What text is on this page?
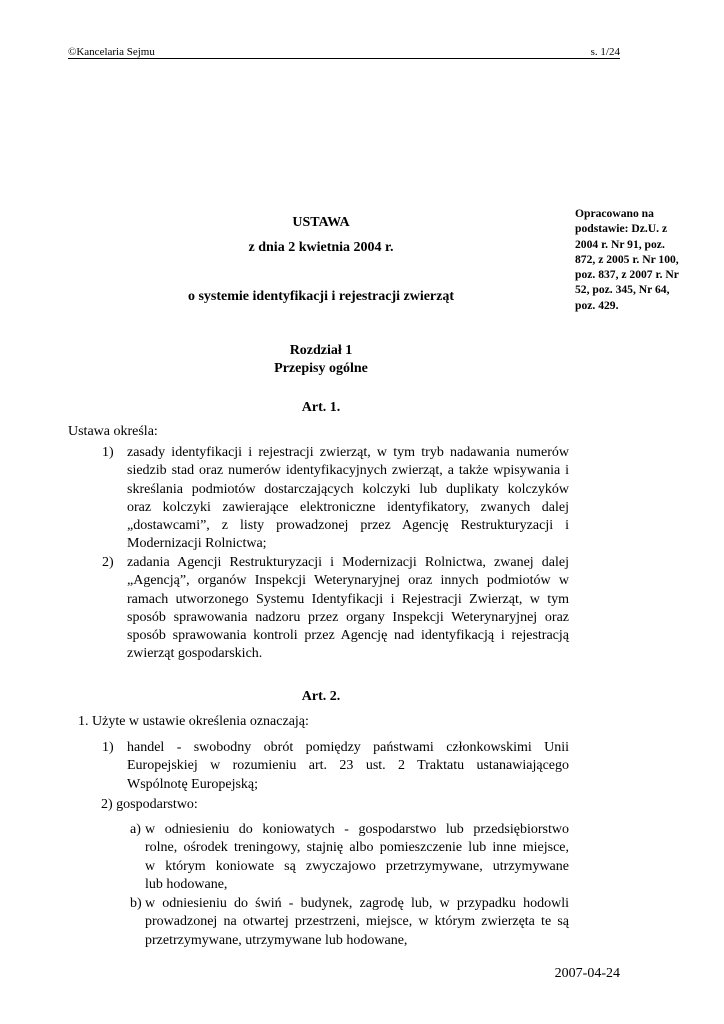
©Kancelaria Sejmu	s. 1/24
Opracowano na
podstawie: Dz.U. z
2004 r. Nr 91, poz.
872, z 2005 r. Nr 100,
poz. 837, z 2007 r. Nr
52, poz. 345, Nr 64,
poz. 429.
USTAWA
z dnia 2 kwietnia 2004 r.
o systemie identyfikacji i rejestracji zwierząt
Rozdział 1
Przepisy ogólne
Art. 1.
Ustawa określa:
1) zasady identyfikacji i rejestracji zwierząt, w tym tryb nadawania numerów
siedzib stad oraz numerów identyfikacyjnych zwierząt, a także wpisywania i
skreślania podmiotów dostarczających kolczyki lub duplikaty kolczyków
oraz kolczyki zawierające elektroniczne identyfikatory, zwanych dalej
„dostawcami”, z listy prowadzonej przez Agencję Restrukturyzacji i
Modernizacji Rolnictwa;
2) zadania Agencji Restrukturyzacji i Modernizacji Rolnictwa, zwanej dalej
„Agencją”, organów Inspekcji Weterynaryjnej oraz innych podmiotów w
ramach utworzonego Systemu Identyfikacji i Rejestracji Zwierząt, w tym
sposób sprawowania nadzoru przez organy Inspekcji Weterynaryjnej oraz
sposób sprawowania kontroli przez Agencję nad identyfikacją i rejestracją
zwierząt gospodarskich.
Art. 2.
1. Użyte w ustawie określenia oznaczają:
1) handel - swobodny obrót pomiędzy państwami członkowskimi Unii
Europejskiej w rozumieniu art. 23 ust. 2 Traktatu ustanawiającego
Wspólnotę Europejską;
2) gospodarstwo:
a) w odniesieniu do koniowatych - gospodarstwo lub przedsiębiorstwo
rolne, ośrodek treningowy, stajnię albo pomieszczenie lub inne miejsce,
w którym koniowate są zwyczajowo przetrzymywane, utrzymywane
lub hodowane,
b) w odniesieniu do świń - budynek, zagrodę lub, w przypadku hodowli
prowadzonej na otwartej przestrzeni, miejsce, w którym zwierzęta te są
przetrzymywane, utrzymywane lub hodowane,
2007-04-24
